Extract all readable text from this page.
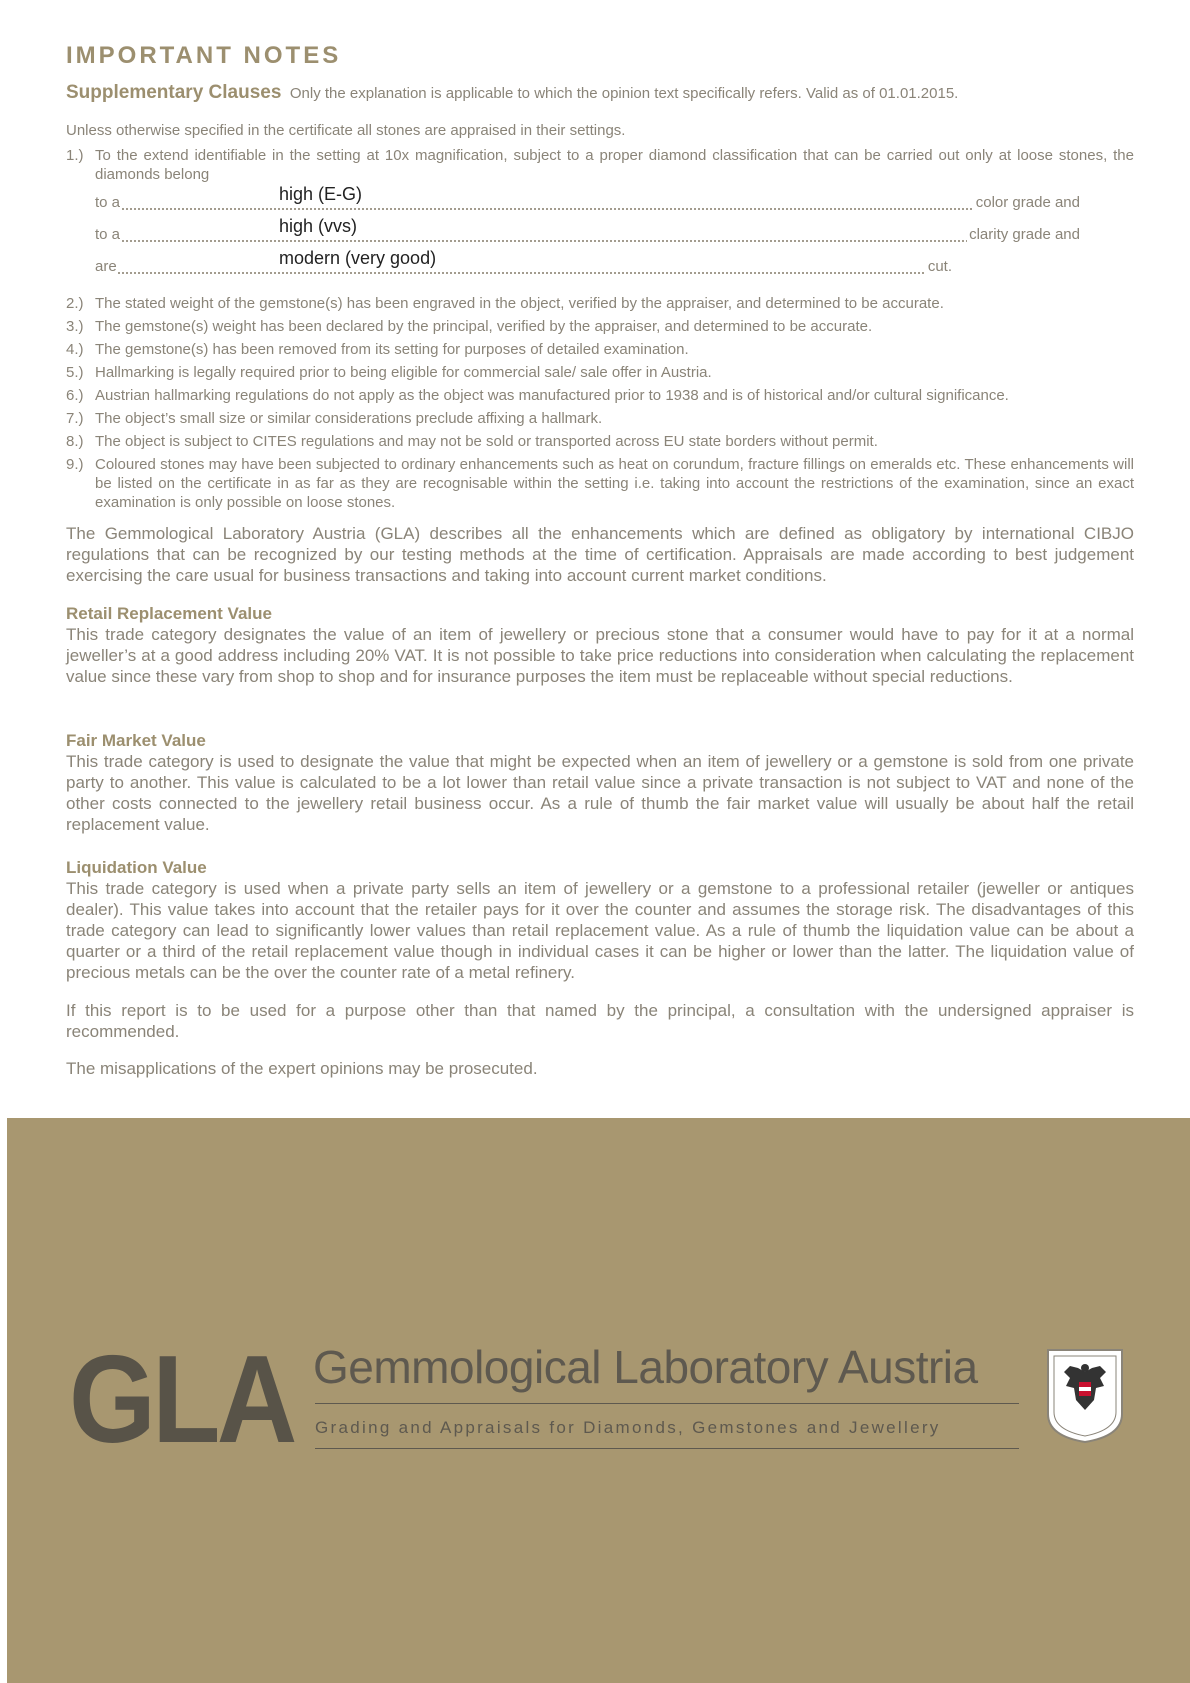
IMPORTANT NOTES
Supplementary Clauses Only the explanation is applicable to which the opinion text specifically refers. Valid as of 01.01.2015.
Unless otherwise specified in the certificate all stones are appraised in their settings.
1.) To the extend identifiable in the setting at 10x magnification, subject to a proper diamond classification that can be carried out only at loose stones, the diamonds belong
to a	high (E-G)	color grade and
to a	high (vvs)	clarity grade and
are	modern (very good)	cut.
2.) The stated weight of the gemstone(s) has been engraved in the object, verified by the appraiser, and determined to be accurate.
3.) The gemstone(s) weight has been declared by the principal, verified by the appraiser, and determined to be accurate.
4.) The gemstone(s) has been removed from its setting for purposes of detailed examination.
5.) Hallmarking is legally required prior to being eligible for commercial sale/ sale offer in Austria.
6.) Austrian hallmarking regulations do not apply as the object was manufactured prior to 1938 and is of historical and/or cultural significance.
7.) The object’s small size or similar considerations preclude affixing a hallmark.
8.) The object is subject to CITES regulations and may not be sold or transported across EU state borders without permit.
9.) Coloured stones may have been subjected to ordinary enhancements such as heat on corundum, fracture fillings on emeralds etc. These enhancements will be listed on the certificate in as far as they are recognisable within the setting i.e. taking into account the restrictions of the examination, since an exact examination is only possible on loose stones.
The Gemmological Laboratory Austria (GLA) describes all the enhancements which are defined as obligatory by international CIBJO regulations that can be recognized by our testing methods at the time of certification. Appraisals are made according to best judgement exercising the care usual for business transactions and taking into account current market conditions.
Retail Replacement Value
This trade category designates the value of an item of jewellery or precious stone that a consumer would have to pay for it at a normal jeweller’s at a good address including 20% VAT. It is not possible to take price reductions into consideration when calculating the replacement value since these vary from shop to shop and for insurance purposes the item must be replaceable without special reductions.
Fair Market Value
This trade category is used to designate the value that might be expected when an item of jewellery or a gemstone is sold from one private party to another. This value is calculated to be a lot lower than retail value since a private transaction is not subject to VAT and none of the other costs connected to the jewellery retail business occur. As a rule of thumb the fair market value will usually be about half the retail replacement value.
Liquidation Value
This trade category is used when a private party sells an item of jewellery or a gemstone to a professional retailer (jeweller or antiques dealer). This value takes into account that the retailer pays for it over the counter and assumes the storage risk. The disadvantages of this trade category can lead to significantly lower values than retail replacement value. As a rule of thumb the liquidation value can be about a quarter or a third of the retail replacement value though in individual cases it can be higher or lower than the latter. The liquidation value of precious metals can be the over the counter rate of a metal refinery.
If this report is to be used for a purpose other than that named by the principal, a consultation with the undersigned appraiser is recommended.
The misapplications of the expert opinions may be prosecuted.
GLA Gemmological Laboratory Austria
Grading and Appraisals for Diamonds, Gemstones and Jewellery
